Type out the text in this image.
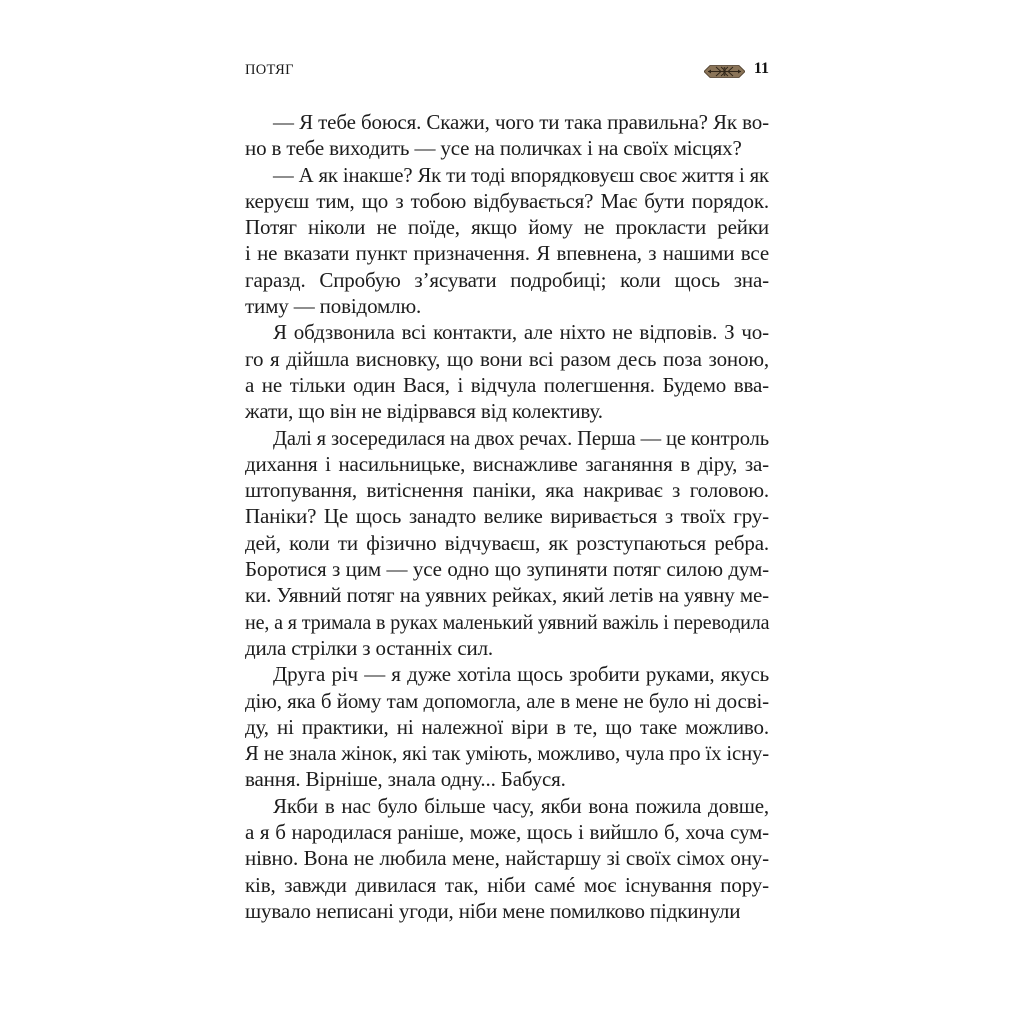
ПОТЯГ	11

— Я тебе боюся. Скажи, чого ти така правильна? Як во-
но в тебе виходить — усе на поличках і на своїх місцях?

— А як інакше? Як ти тоді впорядковуєш своє життя і як
керуєш тим, що з тобою відбувається? Має бути порядок.
Потяг ніколи не поїде, якщо йому не прокласти рейки
і не вказати пункт призначення. Я впевнена, з нашими все
гаразд. Спробую з’ясувати подробиці; коли щось зна-
тиму — повідомлю.

Я обдзвонила всі контакти, але ніхто не відповів. З чо-
го я дійшла висновку, що вони всі разом десь поза зоною,
а не тільки один Вася, і відчула полегшення. Будемо вва-
жати, що він не відірвався від колективу.

Далі я зосередилася на двох речах. Перша — це контроль
дихання і насильницьке, виснажливе заганяння в діру, за-
штопування, витіснення паніки, яка накриває з головою.
Паніки? Це щось занадто велике виривається з твоїх гру-
дей, коли ти фізично відчуваєш, як розступаються ребра.
Боротися з цим — усе одно що зупиняти потяг силою дум-
ки. Уявний потяг на уявних рейках, який летів на уявну ме-
не, а я тримала в руках маленький уявний важіль і переводила
дила стрілки з останніх сил.

Друга річ — я дуже хотіла щось зробити руками, якусь
дію, яка б йому там допомогла, але в мене не було ні досві-
ду, ні практики, ні належної віри в те, що таке можливо.
Я не знала жінок, які так уміють, можливо, чула про їх існу-
вання. Вірніше, знала одну... Бабуся.

Якби в нас було більше часу, якби вона пожила довше,
а я б народилася раніше, може, щось і вийшло б, хоча сум-
нівно. Вона не любила мене, найстаршу зі своїх сімох ону-
ків, завжди дивилася так, ніби самé моє існування пору-
шувало неписані угоди, ніби мене помилково підкинули
